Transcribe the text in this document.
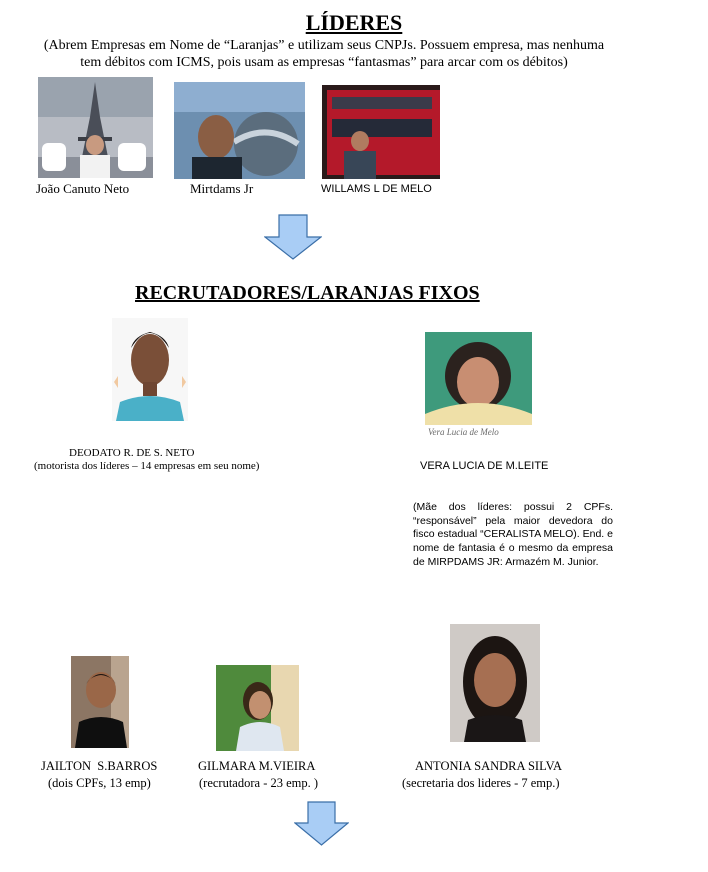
LÍDERES
(Abrem Empresas em Nome de “Laranjas” e utilizam seus CNPJs. Possuem empresa, mas nenhuma
tem débitos com ICMS, pois usam as empresas “fantasmas” para arcar com os débitos)
João Canuto Neto	Mirtdams Jr	WILLAMS L DE MELO
RECRUTADORES/LARANJAS FIXOS
Vera Lucia de Melo
DEODATO R. DE S. NETO
(motorista dos líderes – 14 empresas em seu nome)	VERA LUCIA DE M.LEITE
(Mãe dos líderes: possui 2 CPFs. “responsável” pela maior devedora do fisco estadual “CERALISTA MELO). End. e nome de fantasia é o mesmo da empresa de MIRPDAMS JR: Armazém M. Junior.
JAILTON  S.BARROS
(dois CPFs, 13 emp)
GILMARA M.VIEIRA
(recrutadora - 23 emp. )
ANTONIA SANDRA SILVA
(secretaria dos lideres - 7 emp.)
